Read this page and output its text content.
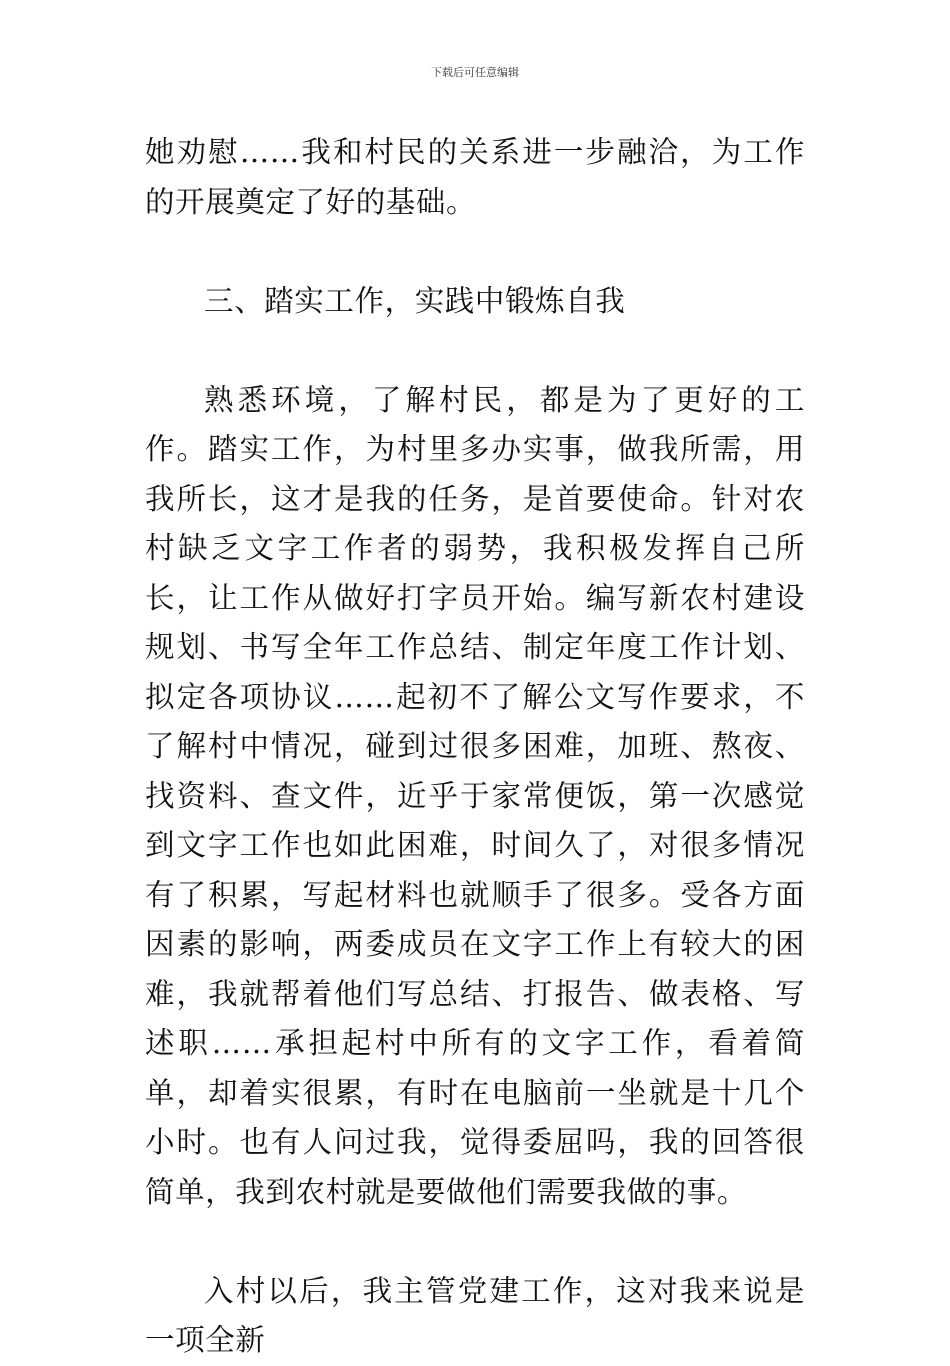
下载后可任意编辑

她劝慰……我和村民的关系进一步融洽，为工作的开展奠定了好的基础。

三、踏实工作，实践中锻炼自我

熟悉环境，了解村民，都是为了更好的工作。踏实工作，为村里多办实事，做我所需，用我所长，这才是我的任务，是首要使命。针对农村缺乏文字工作者的弱势，我积极发挥自己所长，让工作从做好打字员开始。编写新农村建设规划、书写全年工作总结、制定年度工作计划、拟定各项协议……起初不了解公文写作要求，不了解村中情况，碰到过很多困难，加班、熬夜、找资料、查文件，近乎于家常便饭，第一次感觉到文字工作也如此困难，时间久了，对很多情况有了积累，写起材料也就顺手了很多。受各方面因素的影响，两委成员在文字工作上有较大的困难，我就帮着他们写总结、打报告、做表格、写述职……承担起村中所有的文字工作，看着简单，却着实很累，有时在电脑前一坐就是十几个小时。也有人问过我，觉得委屈吗，我的回答很简单，我到农村就是要做他们需要我做的事。

入村以后，我主管党建工作，这对我来说是一项全新
